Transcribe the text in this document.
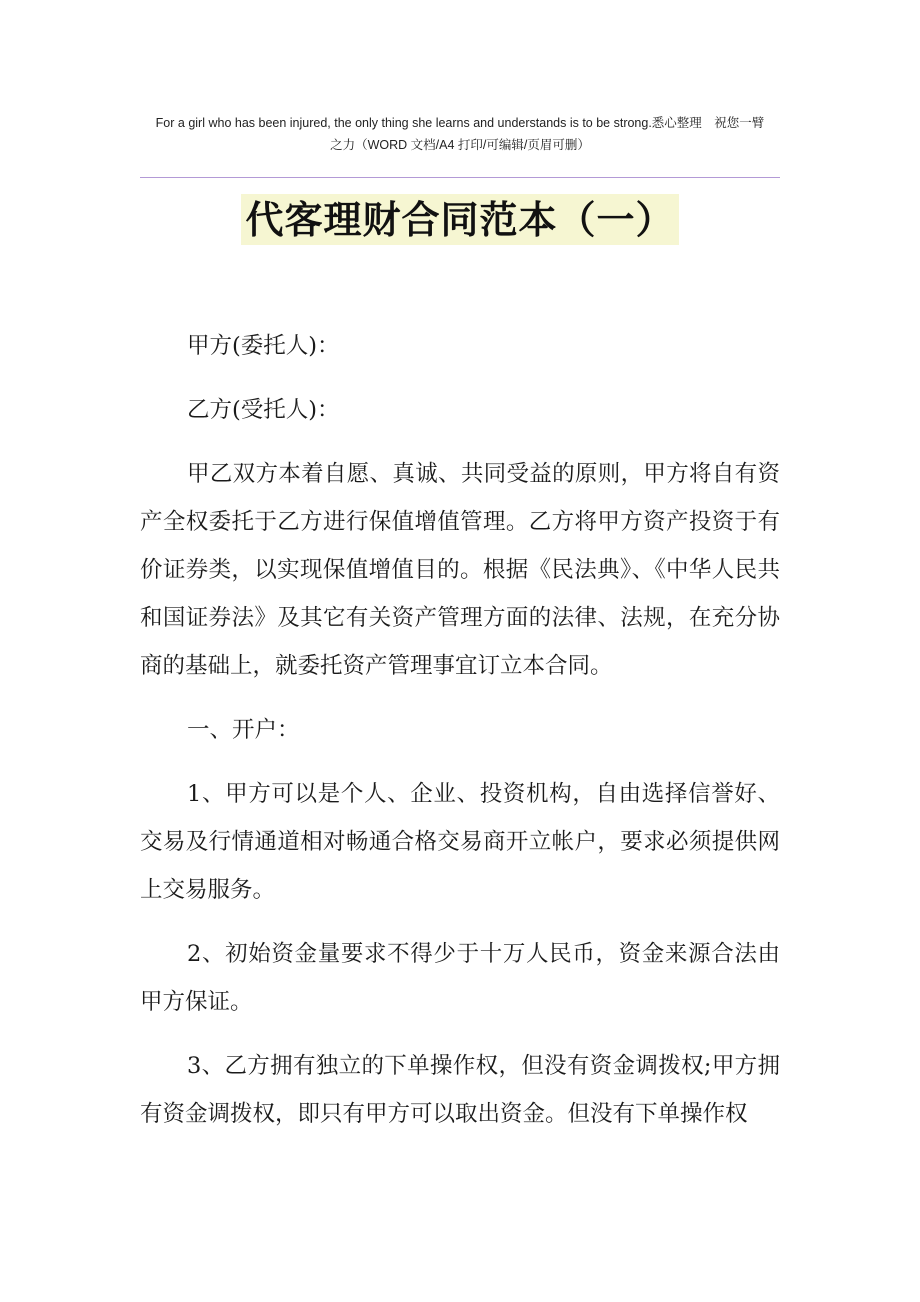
For a girl who has been injured, the only thing she learns and understands is to be strong.悉心整理　祝您一臂
之力（WORD 文档/A4 打印/可编辑/页眉可删）
代客理财合同范本（一）

甲方(委托人)：

乙方(受托人)：

甲乙双方本着自愿、真诚、共同受益的原则，甲方将自有资产全权委托于乙方进行保值增值管理。乙方将甲方资产投资于有价证券类，以实现保值增值目的。根据《民法典》、《中华人民共和国证券法》及其它有关资产管理方面的法律、法规，在充分协商的基础上，就委托资产管理事宜订立本合同。

一、开户：

1、甲方可以是个人、企业、投资机构，自由选择信誉好、交易及行情通道相对畅通合格交易商开立帐户，要求必须提供网上交易服务。

2、初始资金量要求不得少于十万人民币，资金来源合法由甲方保证。

3、乙方拥有独立的下单操作权，但没有资金调拨权;甲方拥有资金调拨权，即只有甲方可以取出资金。但没有下单操作权
